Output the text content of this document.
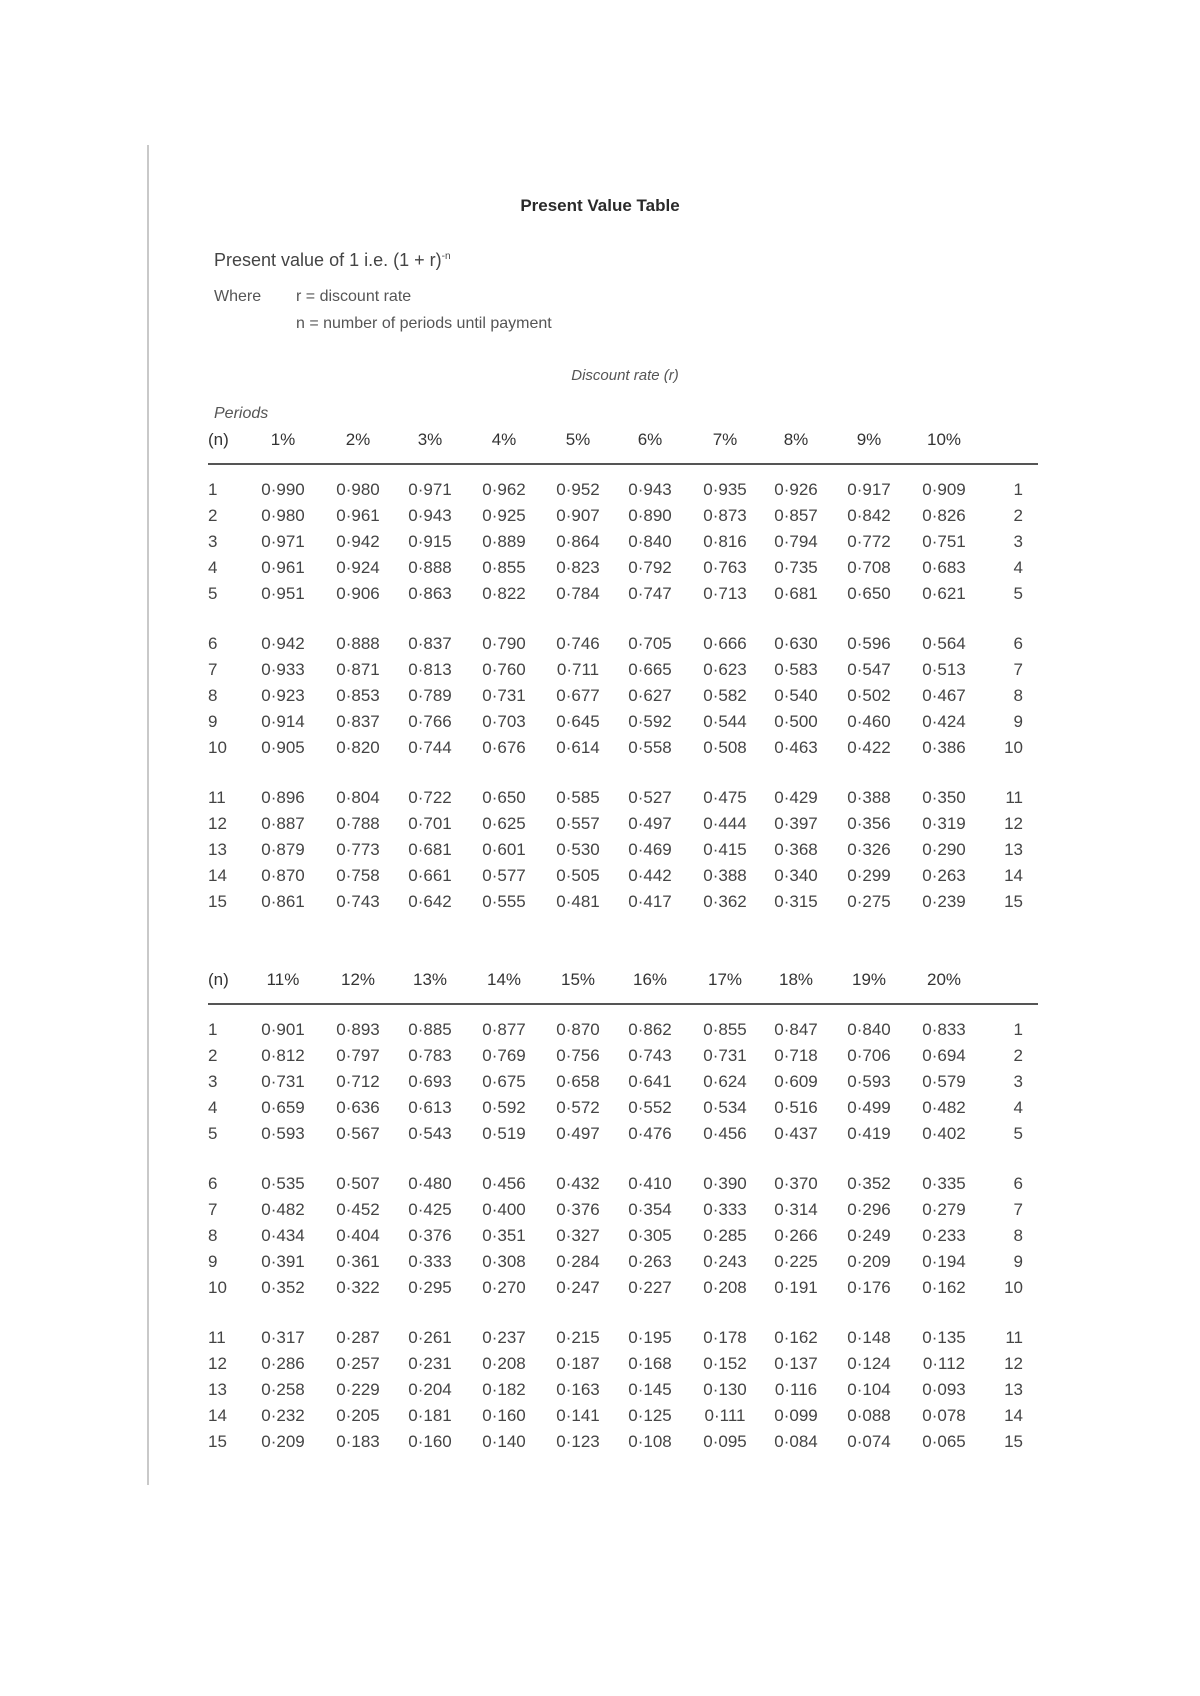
Present Value Table
Present value of 1 i.e. $(1 + r)^{-n}$
Where r = discount rate
n = number of periods until payment
Discount rate (r)
Periods
(n)	1%	2%	3%	4%	5%	6%	7%	8%	9%	10%
1	0·990	0·980	0·971	0·962	0·952	0·943	0·935	0·926	0·917	0·909	1
2	0·980	0·961	0·943	0·925	0·907	0·890	0·873	0·857	0·842	0·826	2
3	0·971	0·942	0·915	0·889	0·864	0·840	0·816	0·794	0·772	0·751	3
4	0·961	0·924	0·888	0·855	0·823	0·792	0·763	0·735	0·708	0·683	4
5	0·951	0·906	0·863	0·822	0·784	0·747	0·713	0·681	0·650	0·621	5
6	0·942	0·888	0·837	0·790	0·746	0·705	0·666	0·630	0·596	0·564	6
7	0·933	0·871	0·813	0·760	0·711	0·665	0·623	0·583	0·547	0·513	7
8	0·923	0·853	0·789	0·731	0·677	0·627	0·582	0·540	0·502	0·467	8
9	0·914	0·837	0·766	0·703	0·645	0·592	0·544	0·500	0·460	0·424	9
10	0·905	0·820	0·744	0·676	0·614	0·558	0·508	0·463	0·422	0·386	10
11	0·896	0·804	0·722	0·650	0·585	0·527	0·475	0·429	0·388	0·350	11
12	0·887	0·788	0·701	0·625	0·557	0·497	0·444	0·397	0·356	0·319	12
13	0·879	0·773	0·681	0·601	0·530	0·469	0·415	0·368	0·326	0·290	13
14	0·870	0·758	0·661	0·577	0·505	0·442	0·388	0·340	0·299	0·263	14
15	0·861	0·743	0·642	0·555	0·481	0·417	0·362	0·315	0·275	0·239	15
(n)	11%	12%	13%	14%	15%	16%	17%	18%	19%	20%
1	0·901	0·893	0·885	0·877	0·870	0·862	0·855	0·847	0·840	0·833	1
2	0·812	0·797	0·783	0·769	0·756	0·743	0·731	0·718	0·706	0·694	2
3	0·731	0·712	0·693	0·675	0·658	0·641	0·624	0·609	0·593	0·579	3
4	0·659	0·636	0·613	0·592	0·572	0·552	0·534	0·516	0·499	0·482	4
5	0·593	0·567	0·543	0·519	0·497	0·476	0·456	0·437	0·419	0·402	5
6	0·535	0·507	0·480	0·456	0·432	0·410	0·390	0·370	0·352	0·335	6
7	0·482	0·452	0·425	0·400	0·376	0·354	0·333	0·314	0·296	0·279	7
8	0·434	0·404	0·376	0·351	0·327	0·305	0·285	0·266	0·249	0·233	8
9	0·391	0·361	0·333	0·308	0·284	0·263	0·243	0·225	0·209	0·194	9
10	0·352	0·322	0·295	0·270	0·247	0·227	0·208	0·191	0·176	0·162	10
11	0·317	0·287	0·261	0·237	0·215	0·195	0·178	0·162	0·148	0·135	11
12	0·286	0·257	0·231	0·208	0·187	0·168	0·152	0·137	0·124	0·112	12
13	0·258	0·229	0·204	0·182	0·163	0·145	0·130	0·116	0·104	0·093	13
14	0·232	0·205	0·181	0·160	0·141	0·125	0·111	0·099	0·088	0·078	14
15	0·209	0·183	0·160	0·140	0·123	0·108	0·095	0·084	0·074	0·065	15
